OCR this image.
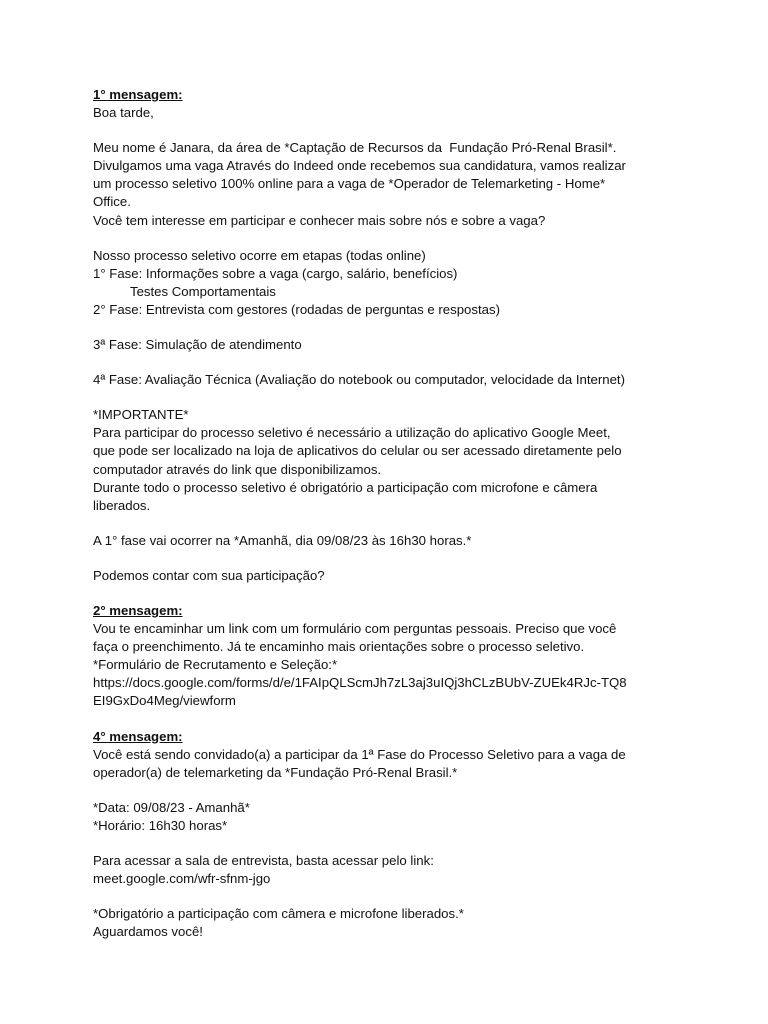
1° mensagem:
Boa tarde,
Meu nome é Janara, da área de *Captação de Recursos da  Fundação Pró-Renal Brasil*.
Divulgamos uma vaga Através do Indeed onde recebemos sua candidatura, vamos realizar
um processo seletivo 100% online para a vaga de *Operador de Telemarketing - Home*
Office.
Você tem interesse em participar e conhecer mais sobre nós e sobre a vaga?
Nosso processo seletivo ocorre em etapas (todas online)
1° Fase: Informações sobre a vaga (cargo, salário, benefícios)
Testes Comportamentais
2° Fase: Entrevista com gestores (rodadas de perguntas e respostas)
3ª Fase: Simulação de atendimento
4ª Fase: Avaliação Técnica (Avaliação do notebook ou computador, velocidade da Internet)
*IMPORTANTE*
Para participar do processo seletivo é necessário a utilização do aplicativo Google Meet,
que pode ser localizado na loja de aplicativos do celular ou ser acessado diretamente pelo
computador através do link que disponibilizamos.
Durante todo o processo seletivo é obrigatório a participação com microfone e câmera
liberados.
A 1° fase vai ocorrer na *Amanhã, dia 09/08/23 às 16h30 horas.*
Podemos contar com sua participação?
2° mensagem:
Vou te encaminhar um link com um formulário com perguntas pessoais. Preciso que você
faça o preenchimento. Já te encaminho mais orientações sobre o processo seletivo.
*Formulário de Recrutamento e Seleção:*
https://docs.google.com/forms/d/e/1FAIpQLScmJh7zL3aj3uIQj3hCLzBUbV-ZUEk4RJc-TQ8
EI9GxDo4Meg/viewform
4° mensagem:
Você está sendo convidado(a) a participar da 1ª Fase do Processo Seletivo para a vaga de
operador(a) de telemarketing da *Fundação Pró-Renal Brasil.*
*Data: 09/08/23 - Amanhã*
*Horário: 16h30 horas*
Para acessar a sala de entrevista, basta acessar pelo link:
meet.google.com/wfr-sfnm-jgo
*Obrigatório a participação com câmera e microfone liberados.*
Aguardamos você!
